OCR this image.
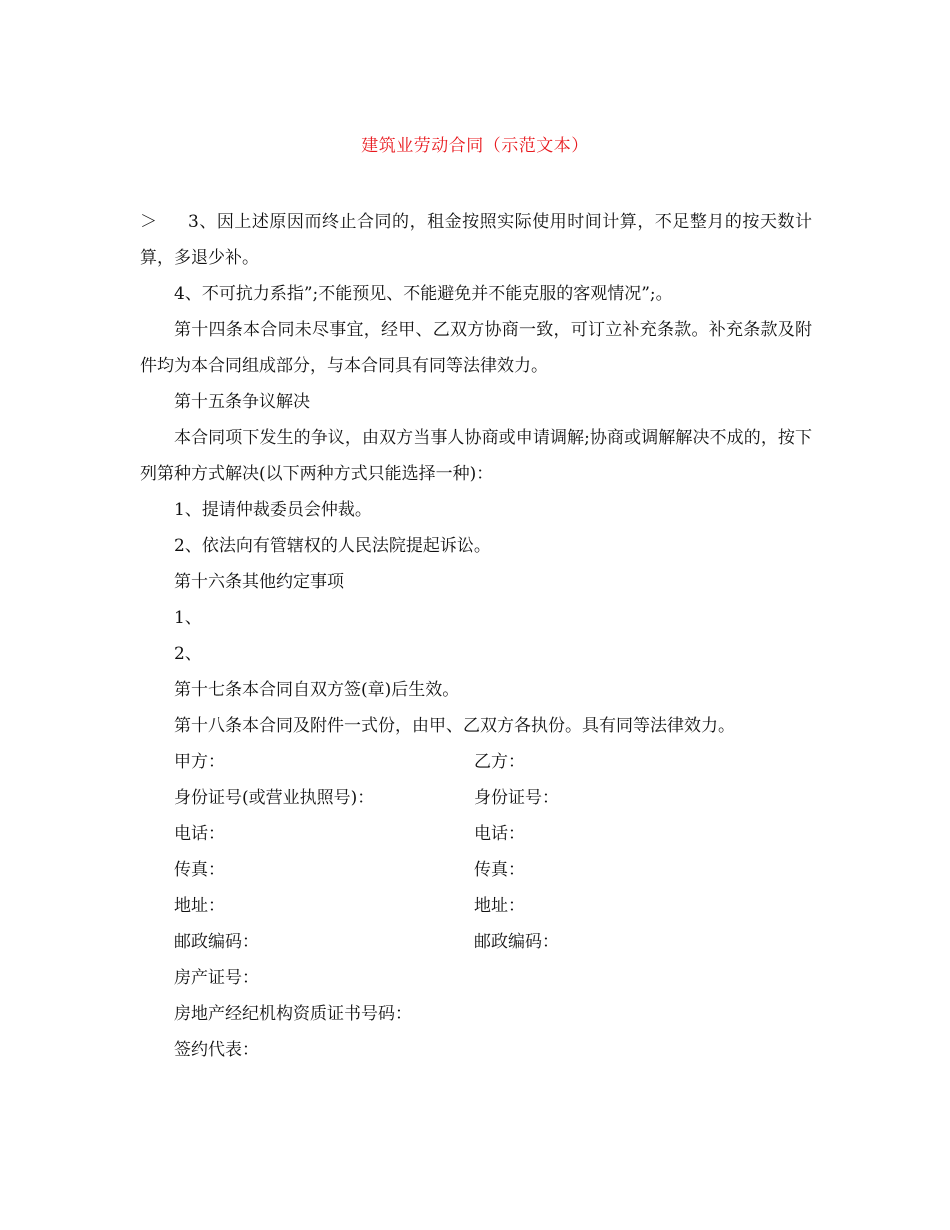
建筑业劳动合同（示范文本）

＞ 3、因上述原因而终止合同的，租金按照实际使用时间计算，不足整月的按天数计算，多退少补。

4、不可抗力系指”;不能预见、不能避免并不能克服的客观情况”;。

第十四条本合同未尽事宜，经甲、乙双方协商一致，可订立补充条款。补充条款及附件均为本合同组成部分，与本合同具有同等法律效力。

第十五条争议解决

本合同项下发生的争议，由双方当事人协商或申请调解;协商或调解解决不成的，按下列第种方式解决(以下两种方式只能选择一种)：

1、提请仲裁委员会仲裁。

2、依法向有管辖权的人民法院提起诉讼。

第十六条其他约定事项

1、

2、

第十七条本合同自双方签(章)后生效。

第十八条本合同及附件一式份，由甲、乙双方各执份。具有同等法律效力。

甲方：	乙方：
身份证号(或营业执照号)：	身份证号：
电话：	电话：
传真：	传真：
地址：	地址：
邮政编码：	邮政编码：
房产证号：
房地产经纪机构资质证书号码：
签约代表：
